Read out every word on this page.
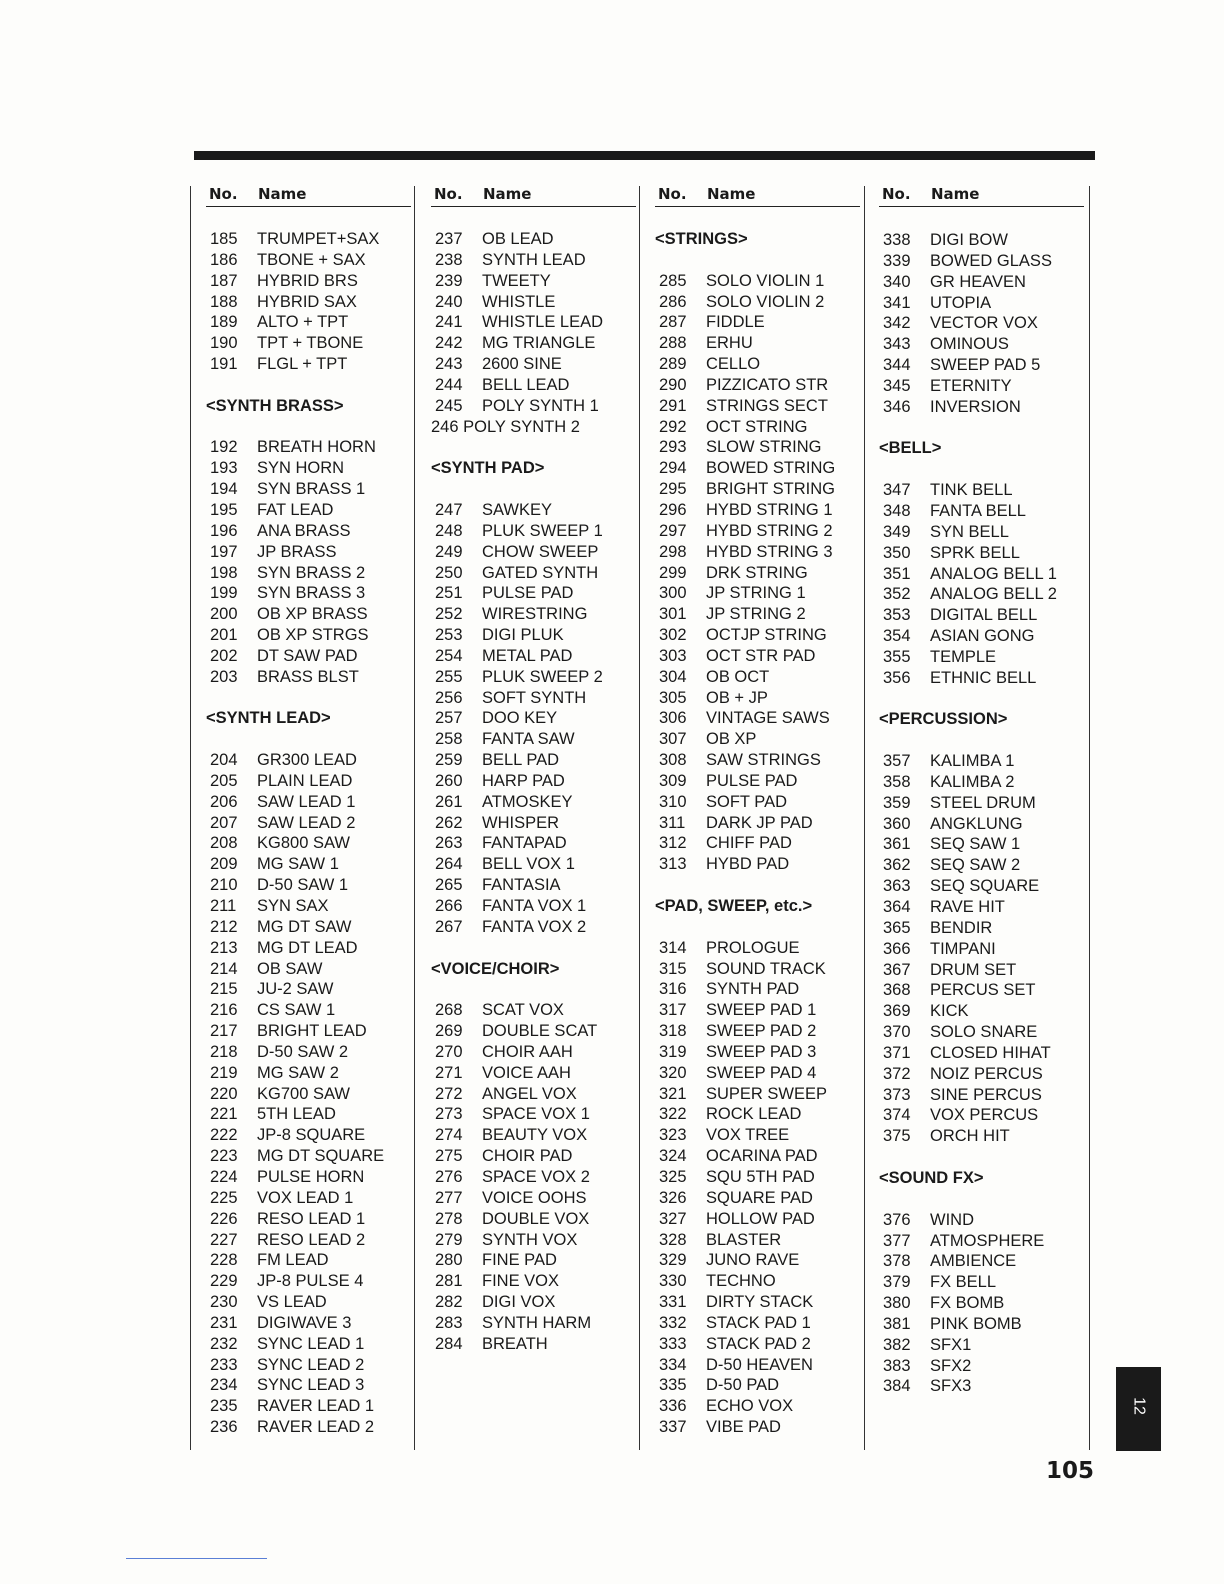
No.	Name
185	TRUMPET+SAX
186	TBONE + SAX
187	HYBRID BRS
188	HYBRID SAX
189	ALTO + TPT
190	TPT + TBONE
191	FLGL + TPT
<SYNTH BRASS>
192	BREATH HORN
193	SYN HORN
194	SYN BRASS 1
195	FAT LEAD
196	ANA BRASS
197	JP BRASS
198	SYN BRASS 2
199	SYN BRASS 3
200	OB XP BRASS
201	OB XP STRGS
202	DT SAW PAD
203	BRASS BLST
<SYNTH LEAD>
204	GR300 LEAD
205	PLAIN LEAD
206	SAW LEAD 1
207	SAW LEAD 2
208	KG800 SAW
209	MG SAW 1
210	D-50 SAW 1
211	SYN SAX
212	MG DT SAW
213	MG DT LEAD
214	OB SAW
215	JU-2 SAW
216	CS SAW 1
217	BRIGHT LEAD
218	D-50 SAW 2
219	MG SAW 2
220	KG700 SAW
221	5TH LEAD
222	JP-8 SQUARE
223	MG DT SQUARE
224	PULSE HORN
225	VOX LEAD 1
226	RESO LEAD 1
227	RESO LEAD 2
228	FM LEAD
229	JP-8 PULSE 4
230	VS LEAD
231	DIGIWAVE 3
232	SYNC LEAD 1
233	SYNC LEAD 2
234	SYNC LEAD 3
235	RAVER LEAD 1
236	RAVER LEAD 2
No.	Name
237	OB LEAD
238	SYNTH LEAD
239	TWEETY
240	WHISTLE
241	WHISTLE LEAD
242	MG TRIANGLE
243	2600 SINE
244	BELL LEAD
245	POLY SYNTH 1
246 POLY SYNTH 2
<SYNTH PAD>
247	SAWKEY
248	PLUK SWEEP 1
249	CHOW SWEEP
250	GATED SYNTH
251	PULSE PAD
252	WIRESTRING
253	DIGI PLUK
254	METAL PAD
255	PLUK SWEEP 2
256	SOFT SYNTH
257	DOO KEY
258	FANTA SAW
259	BELL PAD
260	HARP PAD
261	ATMOSKEY
262	WHISPER
263	FANTAPAD
264	BELL VOX 1
265	FANTASIA
266	FANTA VOX 1
267	FANTA VOX 2
<VOICE/CHOIR>
268	SCAT VOX
269	DOUBLE SCAT
270	CHOIR AAH
271	VOICE AAH
272	ANGEL VOX
273	SPACE VOX 1
274	BEAUTY VOX
275	CHOIR PAD
276	SPACE VOX 2
277	VOICE OOHS
278	DOUBLE VOX
279	SYNTH VOX
280	FINE PAD
281	FINE VOX
282	DIGI VOX
283	SYNTH HARM
284	BREATH
No.	Name
<STRINGS>
285	SOLO VIOLIN 1
286	SOLO VIOLIN 2
287	FIDDLE
288	ERHU
289	CELLO
290	PIZZICATO STR
291	STRINGS SECT
292	OCT STRING
293	SLOW STRING
294	BOWED STRING
295	BRIGHT STRING
296	HYBD STRING 1
297	HYBD STRING 2
298	HYBD STRING 3
299	DRK STRING
300	JP STRING 1
301	JP STRING 2
302	OCTJP STRING
303	OCT STR PAD
304	OB OCT
305	OB + JP
306	VINTAGE SAWS
307	OB XP
308	SAW STRINGS
309	PULSE PAD
310	SOFT PAD
311	DARK JP PAD
312	CHIFF PAD
313	HYBD PAD
<PAD, SWEEP, etc.>
314	PROLOGUE
315	SOUND TRACK
316	SYNTH PAD
317	SWEEP PAD 1
318	SWEEP PAD 2
319	SWEEP PAD 3
320	SWEEP PAD 4
321	SUPER SWEEP
322	ROCK LEAD
323	VOX TREE
324	OCARINA PAD
325	SQU 5TH PAD
326	SQUARE PAD
327	HOLLOW PAD
328	BLASTER
329	JUNO RAVE
330	TECHNO
331	DIRTY STACK
332	STACK PAD 1
333	STACK PAD 2
334	D-50 HEAVEN
335	D-50 PAD
336	ECHO VOX
337	VIBE PAD
No.	Name
338	DIGI BOW
339	BOWED GLASS
340	GR HEAVEN
341	UTOPIA
342	VECTOR VOX
343	OMINOUS
344	SWEEP PAD 5
345	ETERNITY
346	INVERSION
<BELL>
347	TINK BELL
348	FANTA BELL
349	SYN BELL
350	SPRK BELL
351	ANALOG BELL 1
352	ANALOG BELL 2
353	DIGITAL BELL
354	ASIAN GONG
355	TEMPLE
356	ETHNIC BELL
<PERCUSSION>
357	KALIMBA 1
358	KALIMBA 2
359	STEEL DRUM
360	ANGKLUNG
361	SEQ SAW 1
362	SEQ SAW 2
363	SEQ SQUARE
364	RAVE HIT
365	BENDIR
366	TIMPANI
367	DRUM SET
368	PERCUS SET
369	KICK
370	SOLO SNARE
371	CLOSED HIHAT
372	NOIZ PERCUS
373	SINE PERCUS
374	VOX PERCUS
375	ORCH HIT
<SOUND FX>
376	WIND
377	ATMOSPHERE
378	AMBIENCE
379	FX BELL
380	FX BOMB
381	PINK BOMB
382	SFX1
383	SFX2
384	SFX3
12
105
